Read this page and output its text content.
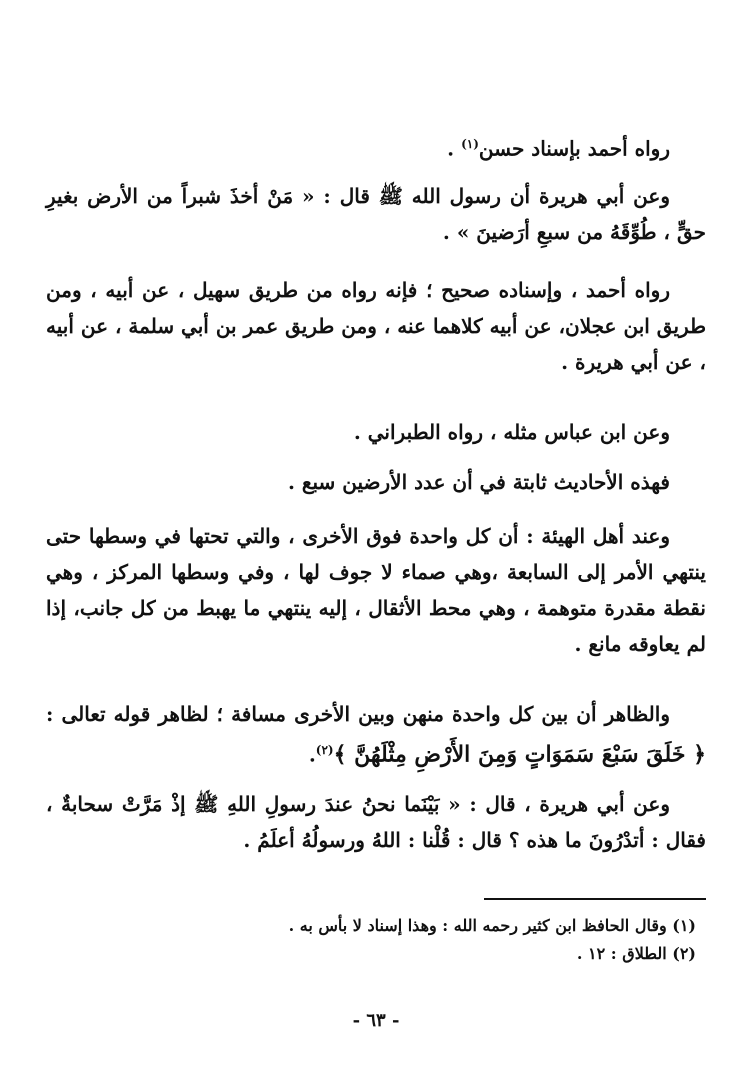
رواه أحمد بإسناد حسن$^{(١)}$ .

وعن أبي هريرة أن رسول الله ﷺ قال : « مَنْ أخذَ شبراً من الأرض بغيرِ حقٍّ ، طُوِّقَهُ من سبعِ أرَضينَ » .

رواه أحمد ، وإسناده صحيح ؛ فإنه رواه من طريق سهيل ، عن أبيه ، ومن طريق ابن عجلان، عن أبيه كلاهما عنه ، ومن طريق عمر بن أبي سلمة ، عن أبيه ، عن أبي هريرة .

وعن ابن عباس مثله ، رواه الطبراني .

فهذه الأحاديث ثابتة في أن عدد الأرضين سبع .

وعند أهل الهيئة : أن كل واحدة فوق الأخرى ، والتي تحتها في وسطها حتى ينتهي الأمر إلى السابعة ،وهي صماء لا جوف لها ، وفي وسطها المركز ، وهي نقطة مقدرة متوهمة ، وهي محط الأثقال ، إليه ينتهي ما يهبط من كل جانب، إذا لم يعاوقه مانع .

والظاهر أن بين كل واحدة منهن وبين الأخرى مسافة ؛ لظاهر قوله تعالى : ﴿ خَلَقَ سَبْعَ سَمَوَاتٍ وَمِنَ الأَرْضِ مِثْلَهُنَّ ﴾$^{(٢)}$.

وعن أبي هريرة ، قال : « بَيْنَما نحنُ عندَ رسولِ اللهِ ﷺ إذْ مَرَّتْ سحابةٌ ، فقال : أتدْرُونَ ما هذه ؟ قال : قُلْنا : اللهُ ورسولُهُ أعلَمُ .

(١) وقال الحافظ ابن كثير رحمه الله : وهذا إسناد لا بأس به .

(٢) الطلاق : ١٢ .

- ٦٣ -
